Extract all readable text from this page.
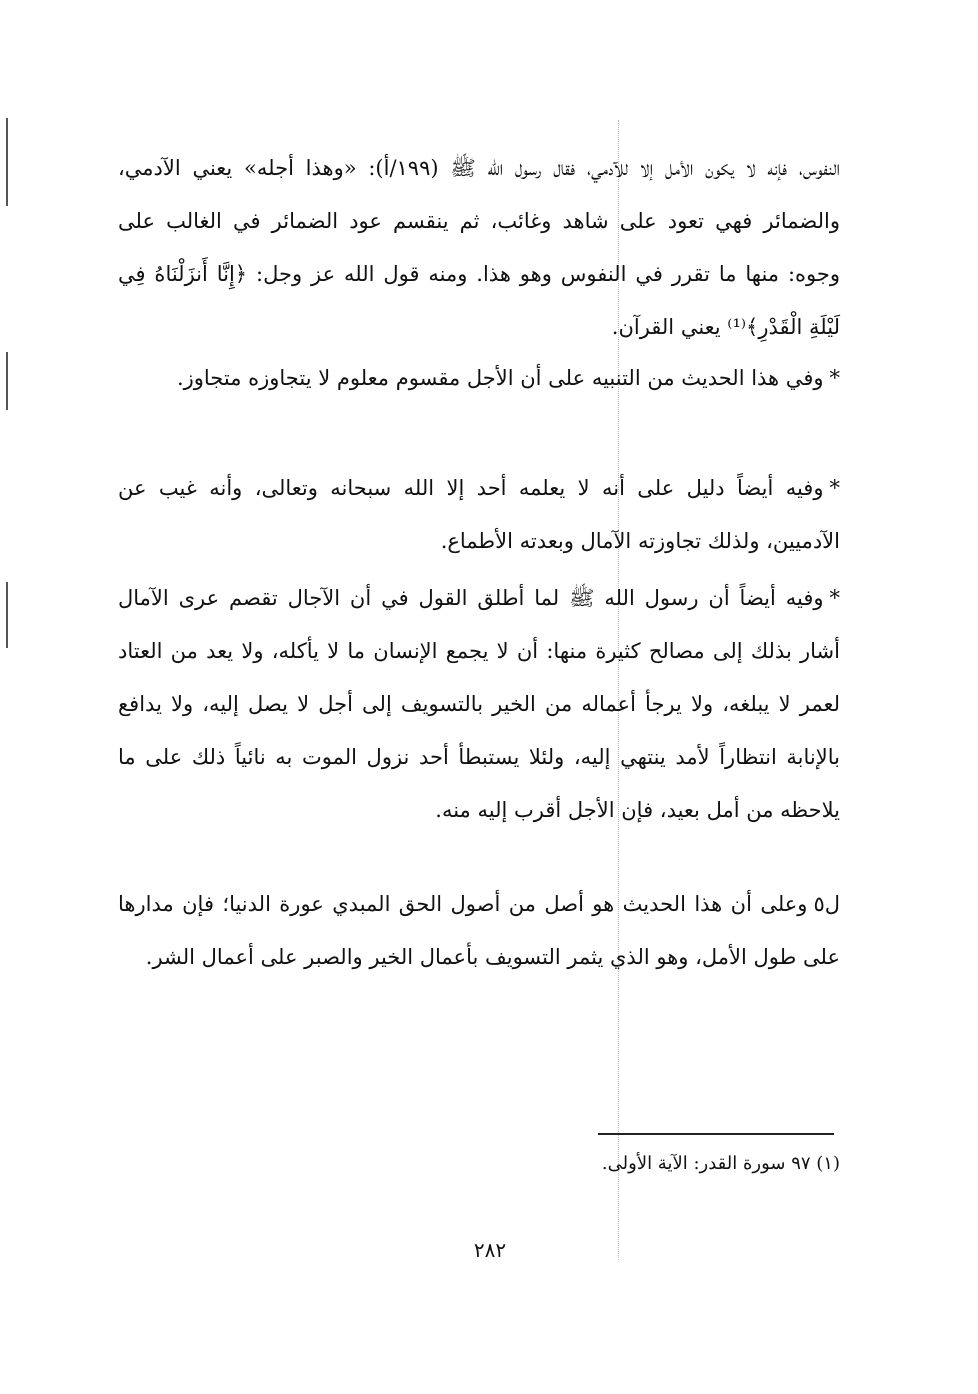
النفوس، فإنه لا يكون الأمل إلا للآدمي، فقال رسول الله ﷺ (١٩٩/أ): «وهذا أجله» يعني الآدمي، والضمائر فهي تعود على شاهد وغائب، ثم ينقسم عود الضمائر في الغالب على وجوه: منها ما تقرر في النفوس وهو هذا. ومنه قول الله عز وجل: ﴿إِنَّا أَنزَلْنَاهُ فِي لَيْلَةِ الْقَدْرِ﴾⁽¹⁾ يعني القرآن.

*وفي هذا الحديث من التنبيه على أن الأجل مقسوم معلوم لا يتجاوزه متجاوز.

*وفيه أيضاً دليل على أنه لا يعلمه أحد إلا الله سبحانه وتعالى، وأنه غيب عن الآدميين، ولذلك تجاوزته الآمال وبعدته الأطماع.

*وفيه أيضاً أن رسول الله ﷺ لما أطلق القول في أن الآجال تقصم عرى الآمال أشار بذلك إلى مصالح كثيرة منها: أن لا يجمع الإنسان ما لا يأكله، ولا يعد من العتاد لعمر لا يبلغه، ولا يرجأ أعماله من الخير بالتسويف إلى أجل لا يصل إليه، ولا يدافع بالإنابة انتظاراً لأمد ينتهي إليه، ولئلا يستبطأ أحد نزول الموت به نائياً ذلك على ما يلاحظه من أمل بعيد، فإن الأجل أقرب إليه منه.

ل٥وعلى أن هذا الحديث هو أصل من أصول الحق المبدي عورة الدنيا؛ فإن مدارها على طول الأمل، وهو الذي يثمر التسويف بأعمال الخير والصبر على أعمال الشر.

(١) ٩٧ سورة القدر: الآية الأولى.
٢٨٢
